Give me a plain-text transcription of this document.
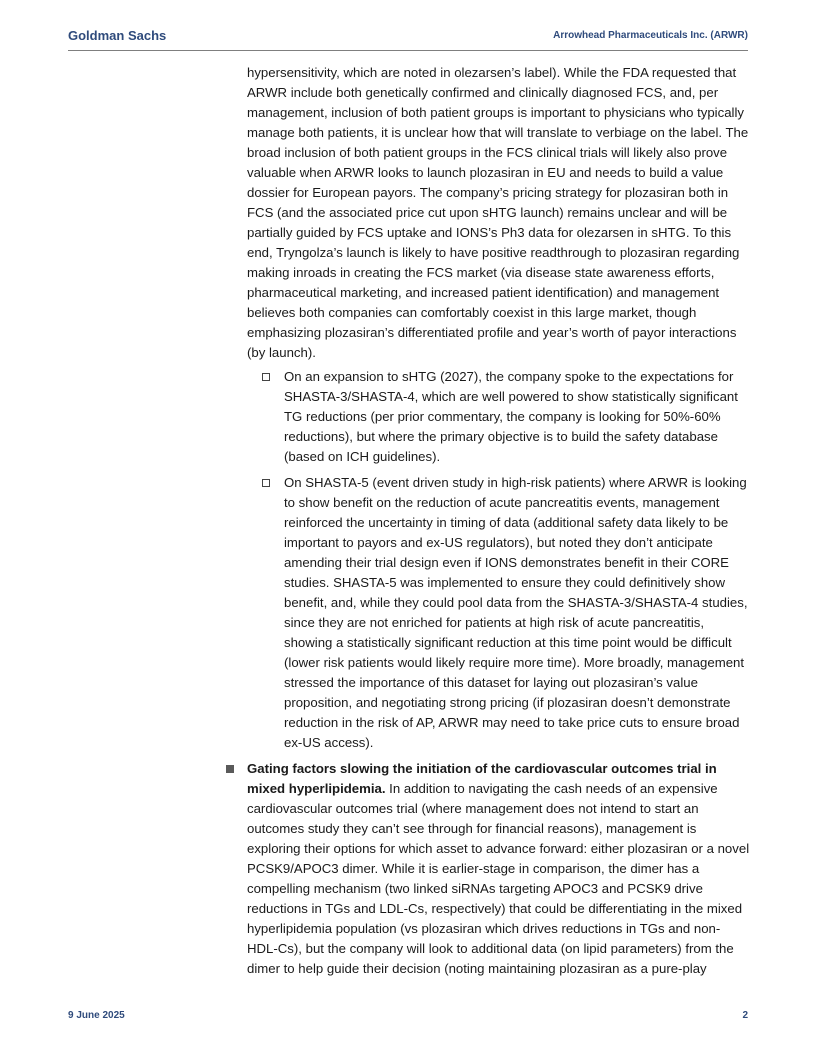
Goldman Sachs	Arrowhead Pharmaceuticals Inc. (ARWR)

hypersensitivity, which are noted in olezarsen’s label). While the FDA requested that ARWR include both genetically confirmed and clinically diagnosed FCS, and, per management, inclusion of both patient groups is important to physicians who typically manage both patients, it is unclear how that will translate to verbiage on the label. The broad inclusion of both patient groups in the FCS clinical trials will likely also prove valuable when ARWR looks to launch plozasiran in EU and needs to build a value dossier for European payors. The company’s pricing strategy for plozasiran both in FCS (and the associated price cut upon sHTG launch) remains unclear and will be partially guided by FCS uptake and IONS’s Ph3 data for olezarsen in sHTG. To this end, Tryngolza’s launch is likely to have positive readthrough to plozasiran regarding making inroads in creating the FCS market (via disease state awareness efforts, pharmaceutical marketing, and increased patient identification) and management believes both companies can comfortably coexist in this large market, though emphasizing plozasiran’s differentiated profile and year’s worth of payor interactions (by launch).

On an expansion to sHTG (2027), the company spoke to the expectations for SHASTA-3/SHASTA-4, which are well powered to show statistically significant TG reductions (per prior commentary, the company is looking for 50%-60% reductions), but where the primary objective is to build the safety database (based on ICH guidelines).
On SHASTA-5 (event driven study in high-risk patients) where ARWR is looking to show benefit on the reduction of acute pancreatitis events, management reinforced the uncertainty in timing of data (additional safety data likely to be important to payors and ex-US regulators), but noted they don’t anticipate amending their trial design even if IONS demonstrates benefit in their CORE studies. SHASTA-5 was implemented to ensure they could definitively show benefit, and, while they could pool data from the SHASTA-3/SHASTA-4 studies, since they are not enriched for patients at high risk of acute pancreatitis, showing a statistically significant reduction at this time point would be difficult (lower risk patients would likely require more time). More broadly, management stressed the importance of this dataset for laying out plozasiran’s value proposition, and negotiating strong pricing (if plozasiran doesn’t demonstrate reduction in the risk of AP, ARWR may need to take price cuts to ensure broad ex-US access).
Gating factors slowing the initiation of the cardiovascular outcomes trial in mixed hyperlipidemia. In addition to navigating the cash needs of an expensive cardiovascular outcomes trial (where management does not intend to start an outcomes study they can’t see through for financial reasons), management is exploring their options for which asset to advance forward: either plozasiran or a novel PCSK9/APOC3 dimer. While it is earlier-stage in comparison, the dimer has a compelling mechanism (two linked siRNAs targeting APOC3 and PCSK9 drive reductions in TGs and LDL-Cs, respectively) that could be differentiating in the mixed hyperlipidemia population (vs plozasiran which drives reductions in TGs and non-HDL-Cs), but the company will look to additional data (on lipid parameters) from the dimer to help guide their decision (noting maintaining plozasiran as a pure-play
9 June 2025	2
